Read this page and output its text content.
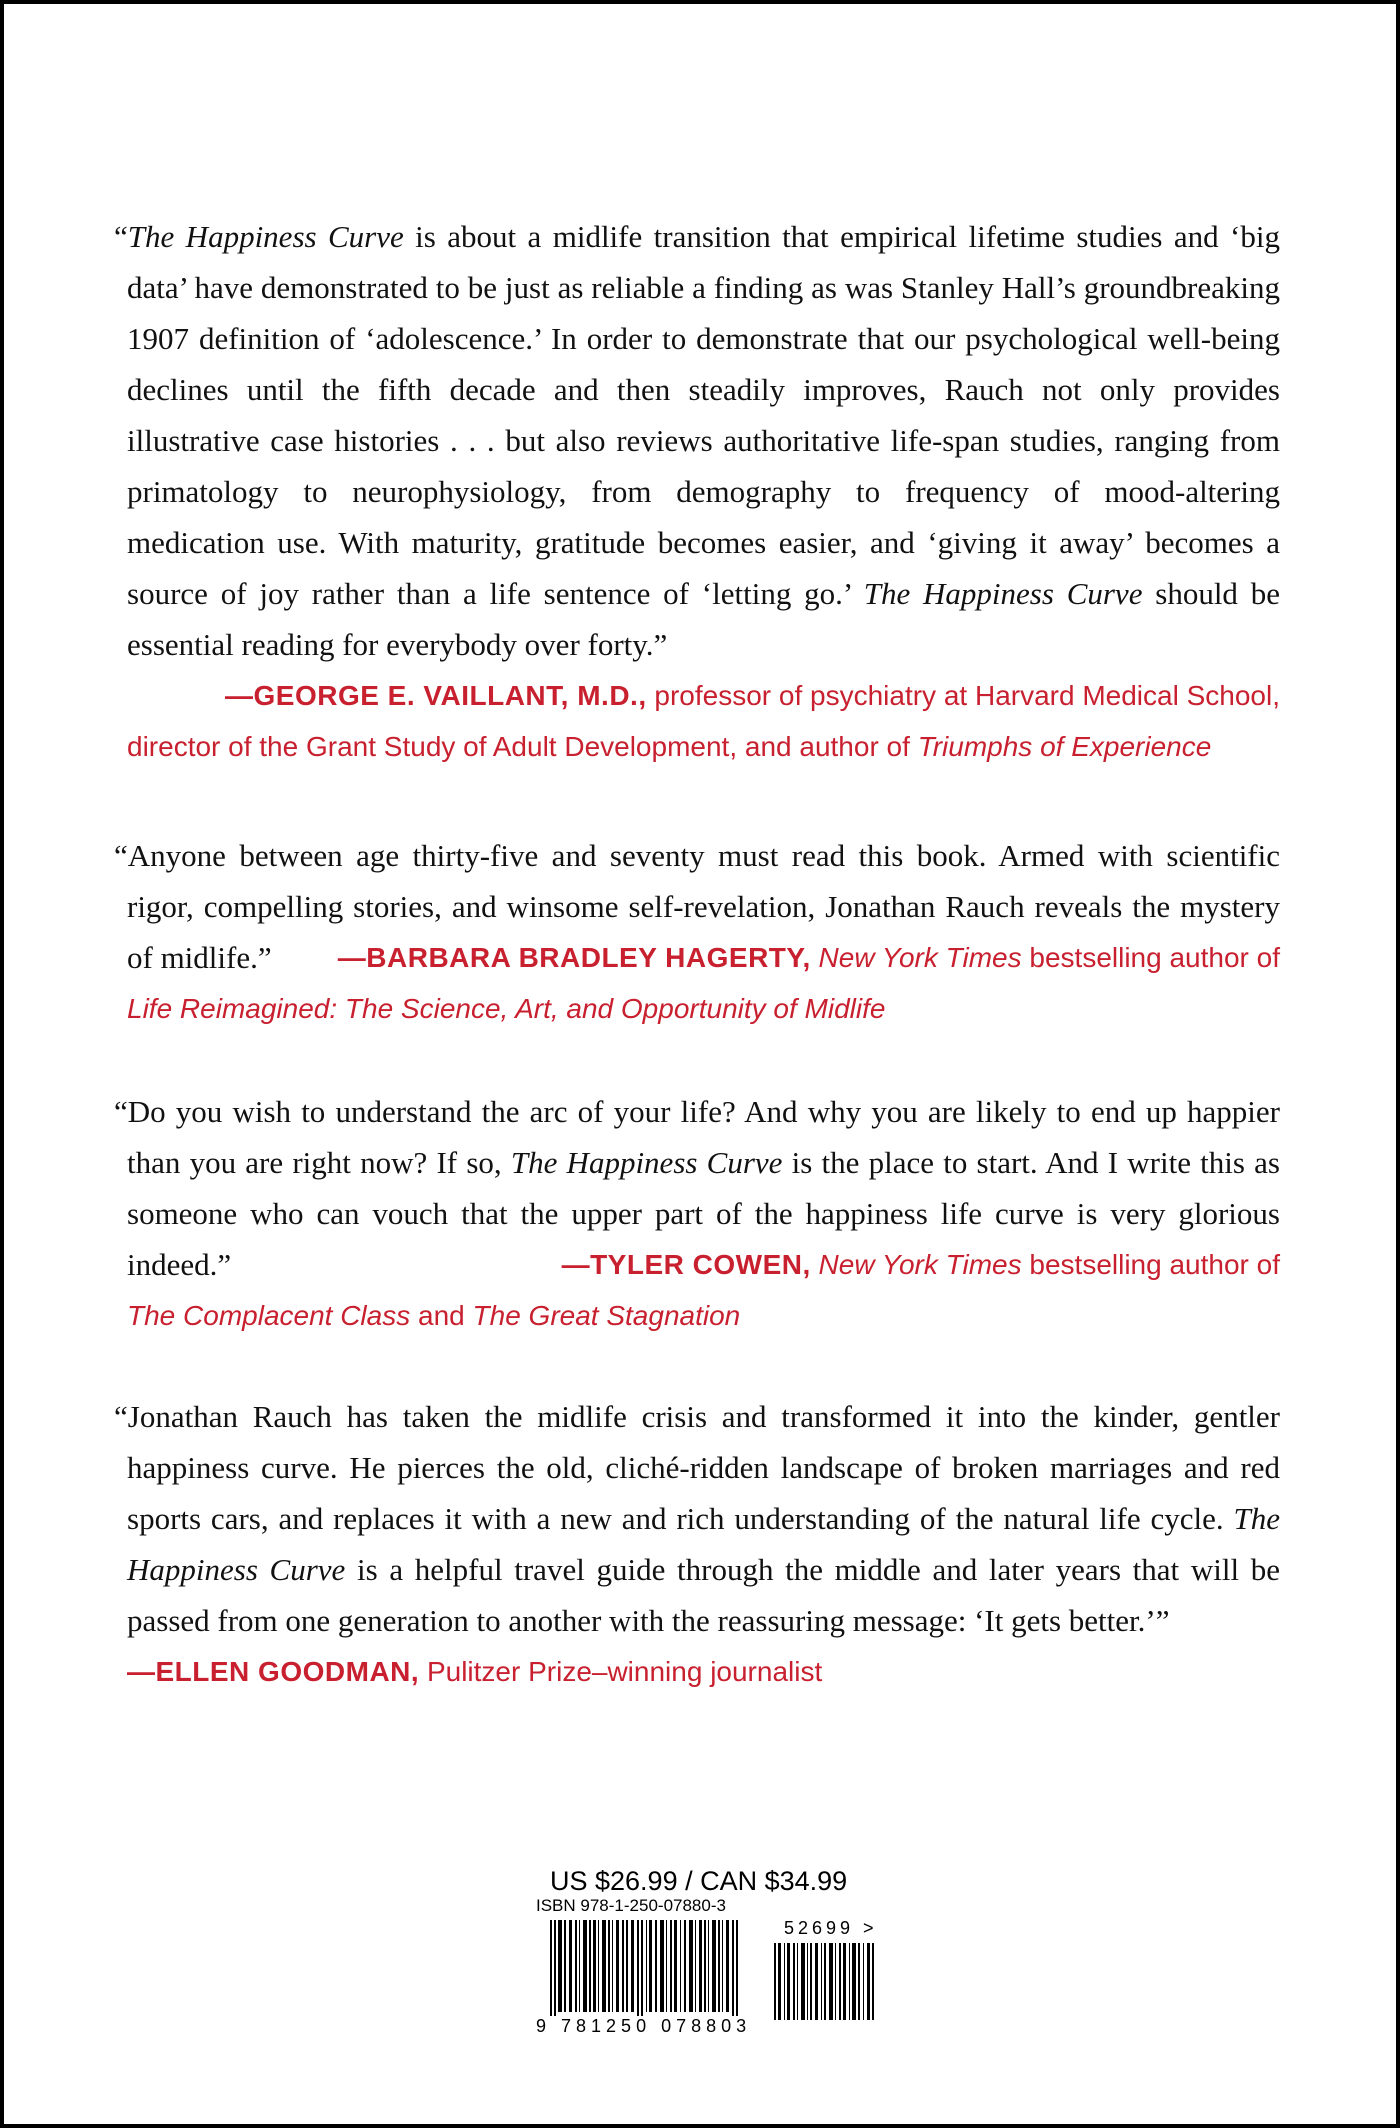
“The Happiness Curve is about a midlife transition that empirical lifetime studies and ‘big data’ have demonstrated to be just as reliable a finding as was Stanley Hall’s groundbreaking 1907 definition of ‘adolescence.’ In order to demonstrate that our psychological well-being declines until the fifth decade and then steadily improves, Rauch not only provides illustrative case histories . . . but also reviews authoritative life-span studies, ranging from primatology to neurophysiology, from demography to frequency of mood-altering medication use. With maturity, gratitude becomes easier, and ‘giving it away’ becomes a source of joy rather than a life sentence of ‘letting go.’ The Happiness Curve should be essential reading for everybody over forty.”

—GEORGE E. VAILLANT, M.D., professor of psychiatry at Harvard Medical School, director of the Grant Study of Adult Development, and author of Triumphs of Experience

“Anyone between age thirty-five and seventy must read this book. Armed with scientific rigor, compelling stories, and winsome self-revelation, Jonathan Rauch reveals the mystery of midlife.” —BARBARA BRADLEY HAGERTY, New York Times bestselling author of

Life Reimagined: The Science, Art, and Opportunity of Midlife

“Do you wish to understand the arc of your life? And why you are likely to end up happier than you are right now? If so, The Happiness Curve is the place to start. And I write this as someone who can vouch that the upper part of the happiness life curve is very glorious indeed.”	—TYLER COWEN, New York Times bestselling author of

The Complacent Class and The Great Stagnation

“Jonathan Rauch has taken the midlife crisis and transformed it into the kinder, gentler happiness curve. He pierces the old, cliché-ridden landscape of broken marriages and red sports cars, and replaces it with a new and rich understanding of the natural life cycle. The Happiness Curve is a helpful travel guide through the middle and later years that will be passed from one generation to another with the reassuring message: ‘It gets better.’”

—ELLEN GOODMAN, Pulitzer Prize–winning journalist
US $26.99 / CAN $34.99
ISBN 978-1-250-07880-3
52699 >
9 781250 078803
